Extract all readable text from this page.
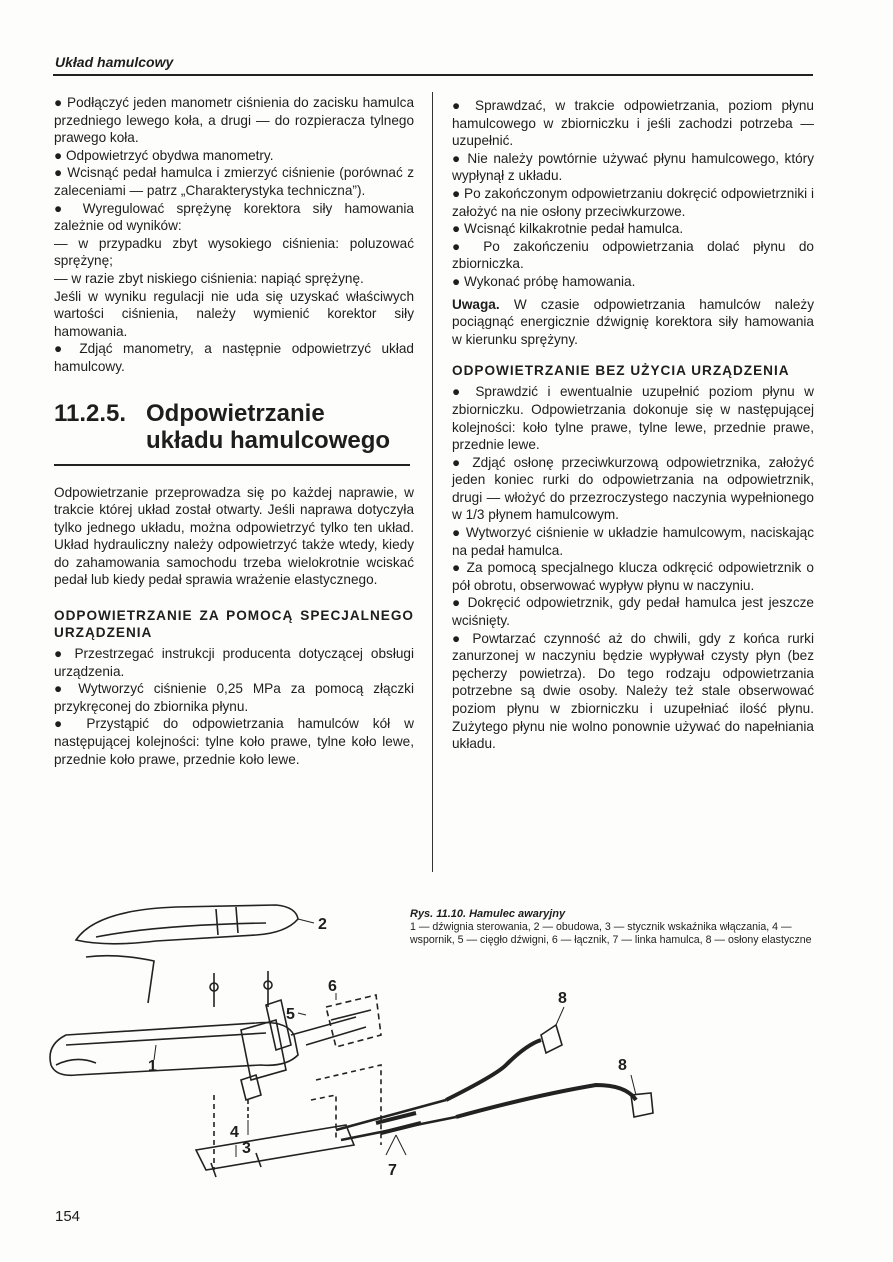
Układ hamulcowy

● Podłączyć jeden manometr ciśnienia do zacisku hamulca przedniego lewego koła, a drugi — do rozpieracza tylnego prawego koła.

● Odpowietrzyć obydwa manometry.

● Wcisnąć pedał hamulca i zmierzyć ciśnienie (porównać z zaleceniami — patrz „Charakterystyka techniczna”).

● Wyregulować sprężynę korektora siły hamowania zależnie od wyników:

— w przypadku zbyt wysokiego ciśnienia: poluzować sprężynę;

— w razie zbyt niskiego ciśnienia: napiąć sprężynę.

Jeśli w wyniku regulacji nie uda się uzyskać właściwych wartości ciśnienia, należy wymienić korektor siły hamowania.

● Zdjąć manometry, a następnie odpowietrzyć układ hamulcowy.

11.2.5. Odpowietrzanie
układu hamulcowego

Odpowietrzanie przeprowadza się po każdej naprawie, w trakcie której układ został otwarty. Jeśli naprawa dotyczyła tylko jednego układu, można odpowietrzyć tylko ten układ. Układ hydrauliczny należy odpowietrzyć także wtedy, kiedy do zahamowania samochodu trzeba wielokrotnie wciskać pedał lub kiedy pedał sprawia wrażenie elastycznego.

ODPOWIETRZANIE ZA POMOCĄ SPECJALNEGO URZĄDZENIA

● Przestrzegać instrukcji producenta dotyczącej obsługi urządzenia.

● Wytworzyć ciśnienie 0,25 MPa za pomocą złączki przykręconej do zbiornika płynu.

● Przystąpić do odpowietrzania hamulców kół w następującej kolejności: tylne koło prawe, tylne koło lewe, przednie koło prawe, przednie koło lewe.

● Sprawdzać, w trakcie odpowietrzania, poziom płynu hamulcowego w zbiorniczku i jeśli zachodzi potrzeba — uzupełnić.

● Nie należy powtórnie używać płynu hamulcowego, który wypłynął z układu.

● Po zakończonym odpowietrzaniu dokręcić odpowietrzniki i założyć na nie osłony przeciwkurzowe.

● Wcisnąć kilkakrotnie pedał hamulca.

● Po zakończeniu odpowietrzania dolać płynu do zbiorniczka.

● Wykonać próbę hamowania.

Uwaga. W czasie odpowietrzania hamulców należy pociągnąć energicznie dźwignię korektora siły hamowania w kierunku sprężyny.

ODPOWIETRZANIE BEZ UŻYCIA URZĄDZENIA

● Sprawdzić i ewentualnie uzupełnić poziom płynu w zbiorniczku. Odpowietrzania dokonuje się w następującej kolejności: koło tylne prawe, tylne lewe, przednie prawe, przednie lewe.

● Zdjąć osłonę przeciwkurzową odpowietrznika, założyć jeden koniec rurki do odpowietrzania na odpowietrznik, drugi — włożyć do przezroczystego naczynia wypełnionego w 1/3 płynem hamulcowym.

● Wytworzyć ciśnienie w układzie hamulcowym, naciskając na pedał hamulca.

● Za pomocą specjalnego klucza odkręcić odpowietrznik o pół obrotu, obserwować wypływ płynu w naczyniu.

● Dokręcić odpowietrznik, gdy pedał hamulca jest jeszcze wciśnięty.

● Powtarzać czynność aż do chwili, gdy z końca rurki zanurzonej w naczyniu będzie wypływał czysty płyn (bez pęcherzy powietrza). Do tego rodzaju odpowietrzania potrzebne są dwie osoby. Należy też stale obserwować poziom płynu w zbiorniczku i uzupełniać ilość płynu. Zużytego płynu nie wolno ponownie używać do napełniania układu.

2
1
3
4
5
6
7
8
8
Rys. 11.10. Hamulec awaryjny
1 — dźwignia sterowania, 2 — obudowa, 3 — stycznik wskaźnika włączania, 4 — wspornik, 5 — cięgło dźwigni, 6 — łącznik, 7 — linka hamulca, 8 — osłony elastyczne
154
